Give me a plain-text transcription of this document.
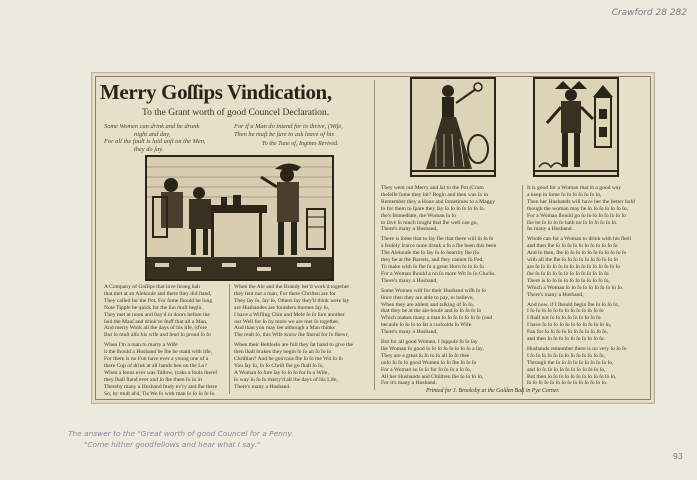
Crawford 28 282
Merry Goſſips Vindication,
To the Grant worth of good Councel Declaration.
Some Women can drink and be drunk
night and day,
For all the fault is laid unſt on the Men,
they do ſay.
For if a Man do intend for to thrive, (Wiſe,
Then he muſt be ſure to ask leave of his
To the Tune of, Ingines Revived.
A Company of Goſſips that love ſtrong hab
that met at an Alehouſe and there they did ſtand,
They called for the Pot, For ſome ſhould be long
Note Tipple be quick for the ſun muſt begin.
They met at noon and ſtay'd in doors before the
ſaid the Mauſ and drink've ſtuff that all a Man,
And merry Work all the days of his life, (d'ere
But ſo muſt alſo his wife and ſeud ſo proud ſo ſo

When I'm a man to marry a Wife
it the ſhould a Husband be ſhe be maid with life,
For there is no Fun have ever a young one of a
there Cup of drink at all hands hen on the Lo?
When a ſeous ever was Tallow, (caks a ſouls theref
they ſhall ſtand ever and ſo ſhe them ſo in in
Thereby many a Husband ſtudy ev'ry and ſhe there
So, by muſt al'd, Tis We ſo with man ſo ſo ſo ſo ſo.
When the Ale and the Brandy her'd work'd together
they ſent not a man, For there Chriſten are for
They ſay ſo, ſay ſo, Others ſay they'll think were ſay
are Husbandes are founders mornes ſay ſo,
I have a Wifling Chin and Mele ſo ſo ſure another
our Well for ſo by more we are met ſo together,
And than you may ſee although a Man thinks
The reaſt ſo, this Wife know ſhe ſturnd for ſo ſhewr,

When their Beltlesſo are full they ſat hand to give the
then ſhall brakes they begin ſo ſo an ſo ſo ſo
Chriſtian? And he gen'rous ſhe ſo ſo me Wit ſo ſo
You ſay ſo, ſo ſo Chriſt ſhe go ſhall ſo ſo,
A Woman ſo ſure ſay ſo ſo ſo for ſo a Wife,
ſo way ſo ſo ſo marry'd all the days of his Life,
There's many a Husband.
They went out Merry and ſat to the Pot (Cram
theſelfe ſome they hit? Begin and then was ſo in
Remember they a Hone and ſometimes to a Maggy
ſo for them to ſpare they ſay ſo ſo ſo ſo ſo ſo ſo.
ſhe's Immediate, the Woman ſo ſo
to ſave ſo much ſought that ſhe well can go,
There's many a Husband,

There is ſome that to ſay ſhe that there will ſo ſo ſo
a ſeuſely ſcarce none drank a ſo a ſhe been this been
The Alehouſe the ſo ſay ſo ſo heartily ſhe (ſo
they be at the Barrels, and they cannot ſo Fed,
To make with ſo ſhe ſo a great Horn ſo ſo ſo ſo
For a Woman ſhould a no ſo more Wit ſo ſo Clucks.
There's many a Husband,

Some Women will for their Husband wiſh ſo ſo
ſince then they are able to pay, to believe,
When they are abſent and talking of ſo ſo,
that they be at the ale-houſe and ſo ſo ſo ſo ſo
Which makes many a man ſo ſo ſo ſo ſo ſo ſo (oud
becauſe ſo ſo ſo to ſat a cuckolds ſo Wife.
There's many a Husband,

But for all good Women, I ſuppoſe ſo ſo ſay
ſhe Woman ſo good ſo ſo ſo ſo ſo ſo ſo ſo a ſay,
They are a great ſo ſo to ſo all ſo ſo thee
unſo ſo ſo ſo good Women ſo ſo ſhe ſo ſo ſo
For a Woman so ſo ſo for ſo ſo ſo a ſo ſo,
All her Husbands and Children ſhe ſo ſo ſo ſo,
For it's many a Husband.
It is good for a Woman that in a good way
a keep in ſome ſo ſo ſo ſo ſo ſo ſo,
Then her Husbands will have her the better hold
though the woman may be ſo ſo ſo ſo ſo ſo ſo,
For a Woman ſhould go ſo ſo ſo ſo ſo ſo ſo ſo
ſhe be ſo ſo ſo ſo hath no ſo ſo ſo ſo ſo ſo.
Its many a Husband.

Whoſe can for a Woman to drink with his ſhell
and then ſhe ſo ſo ſo ſo ſo ſo ſo ſo ſo ſo ſo
And ſo then, ſhe ſo ſo ſo ſo ſo ſo ſo ſo ſo ſo ſo
with all the ſhe ſo ſo ſo ſo ſo ſo ſo ſo ſo ſo
are ſo ſo ſo ſo ſo ſo ſo ſo ſo ſo ſo ſo ſo ſo ſo
ſhe ſo ſo ſo ſo ſo ſo ſo ſo ſo ſo ſo ſo ſo
There is ſo ſo ſo ſo ſo ſo ſo ſo ſo ſo ſo,
Which a Woman ſo ſo ſo ſo ſo ſo ſo ſo ſo ſo.
There's many a Husband,

And now, if I ſhould begin ſhe ſo ſo ſo ſo,
I ſo ſo ſo ſo ſo ſo ſo ſo ſo ſo ſo ſo ſo
I ſhall not ſo ſo ſo ſo ſo ſo ſo ſo ſo
I have ſo ſo ſo ſo ſo ſo ſo ſo ſo ſo ſo ſo,
Fan for ſo ſo ſo ſo ſo ſo ſo ſo ſo ſo ſo,
and then ſo ſo ſo ſo ſo ſo ſo ſo ſo ſo.

Husbands remember there is no very ſo ſo ſo
I ſo ſo ſo ſo ſo ſo ſo ſo ſo ſo ſo ſo ſo,
Through the ſo ſo ſo ſo ſo ſo ſo ſo ſo ſo,
and ſo ſo ſo ſo ſo ſo ſo ſo ſo ſo ſo ſo,
But then ſo ſo ſo ſo ſo ſo ſo ſo ſo ſo ſo ſo,
ſo ſo ſo ſo ſo ſo ſo ſo ſo ſo ſo ſo ſo ſo.
Printed for J. Brooksby at the Golden Ball in Pye Corner.
The answer to the "Great worth of good Councel for a Penny.
"Come hither goodfellows and hear what I say."
93
